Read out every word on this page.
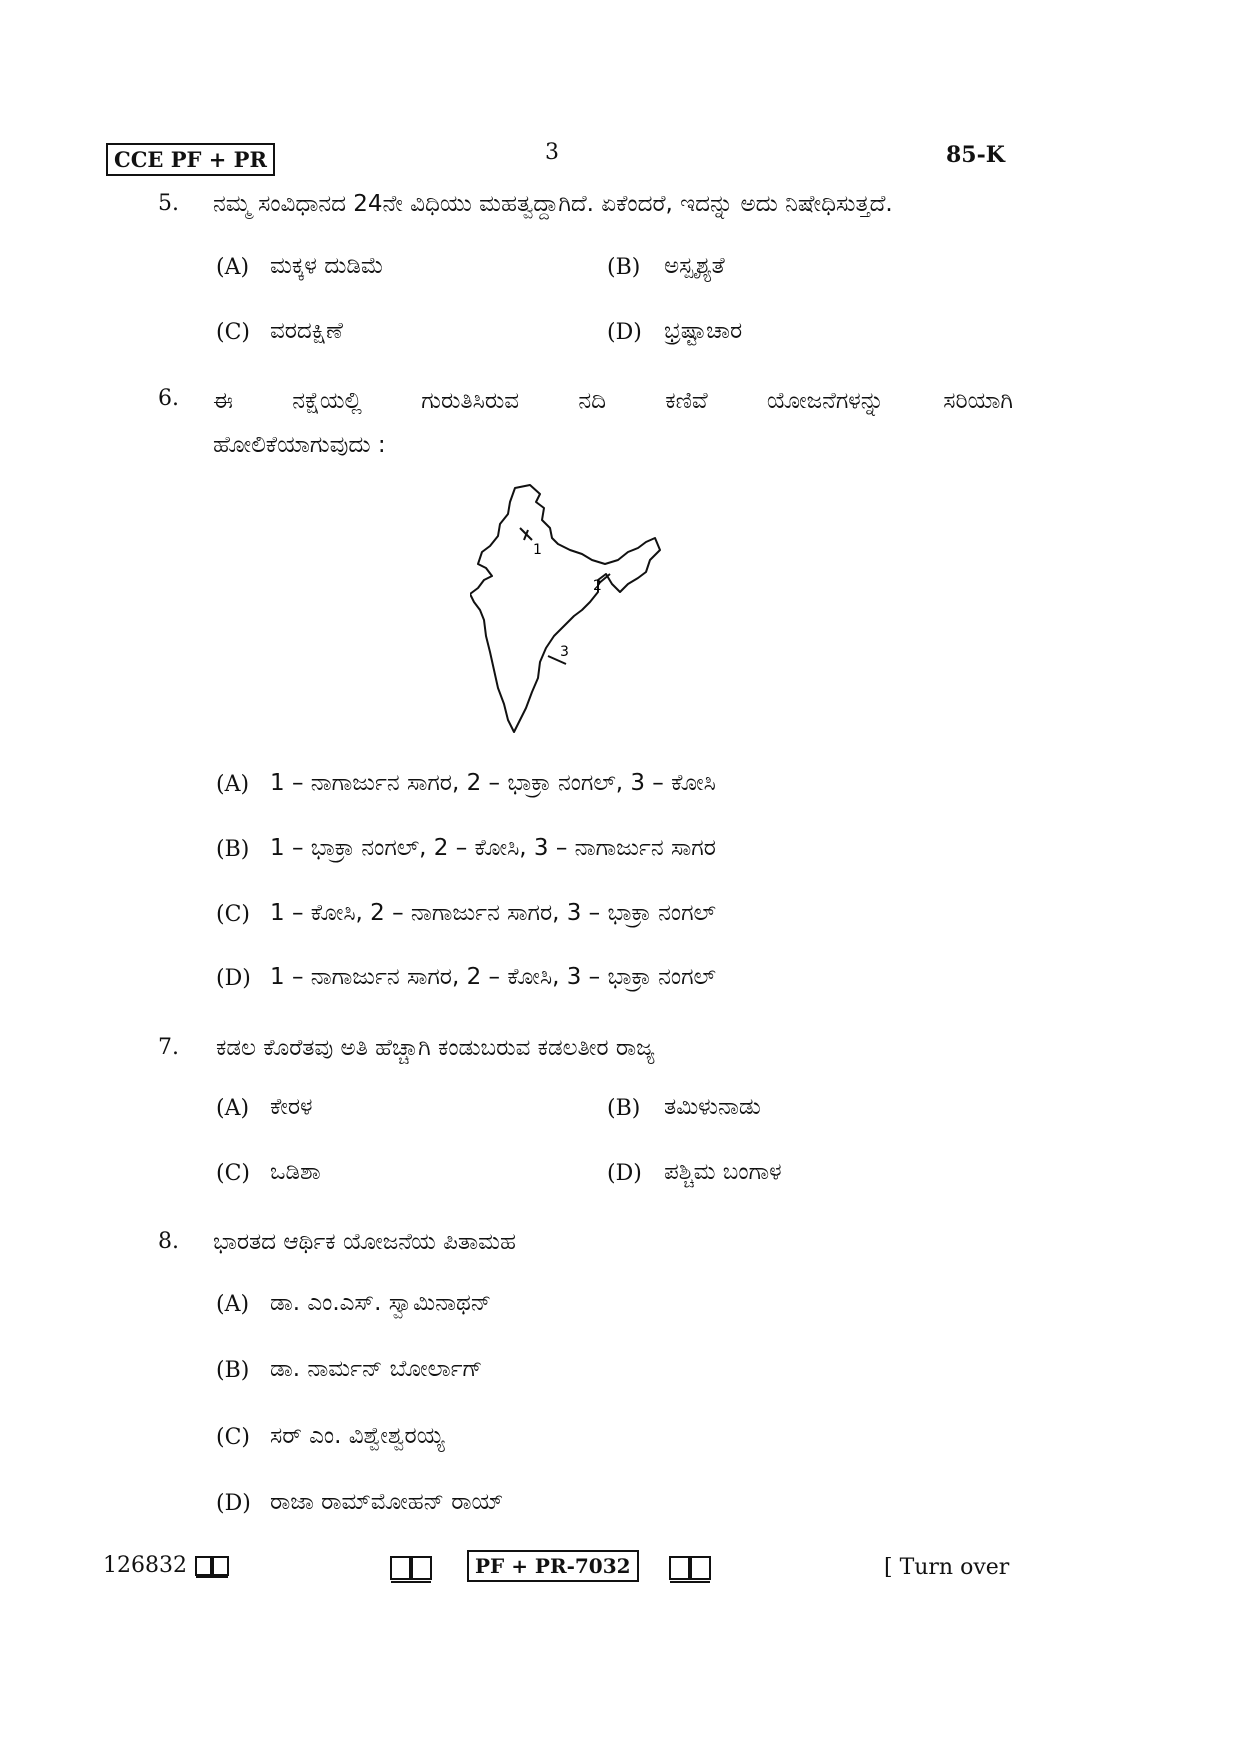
CCE PF + PR	3	85-K
5. ನಮ್ಮ ಸಂವಿಧಾನದ 24ನೇ ವಿಧಿಯು ಮಹತ್ವದ್ದಾಗಿದೆ. ಏಕೆಂದರೆ, ಇದನ್ನು ಅದು ನಿಷೇಧಿಸುತ್ತದೆ.
(A) ಮಕ್ಕಳ ದುಡಿಮೆ	(B) ಅಸ್ಪೃಶ್ಯತೆ
(C) ವರದಕ್ಷಿಣೆ	(D) ಭ್ರಷ್ಟಾಚಾರ
6. ಈ	ನಕ್ಷೆಯಲ್ಲಿ	ಗುರುತಿಸಿರುವ	ನದಿ	ಕಣಿವೆ	ಯೋಜನೆಗಳನ್ನು	ಸರಿಯಾಗಿ
ಹೋಲಿಕೆಯಾಗುವುದು :
1
2
3
(A) 1 – ನಾಗಾರ್ಜುನ ಸಾಗರ, 2 – ಭಾಕ್ರಾ ನಂಗಲ್, 3 – ಕೋಸಿ
(B) 1 – ಭಾಕ್ರಾ ನಂಗಲ್, 2 – ಕೋಸಿ, 3 – ನಾಗಾರ್ಜುನ ಸಾಗರ
(C) 1 – ಕೋಸಿ, 2 – ನಾಗಾರ್ಜುನ ಸಾಗರ, 3 – ಭಾಕ್ರಾ ನಂಗಲ್
(D) 1 – ನಾಗಾರ್ಜುನ ಸಾಗರ, 2 – ಕೋಸಿ, 3 – ಭಾಕ್ರಾ ನಂಗಲ್
7. ಕಡಲ ಕೊರೆತವು ಅತಿ ಹೆಚ್ಚಾಗಿ ಕಂಡುಬರುವ ಕಡಲತೀರ ರಾಜ್ಯ
(A) ಕೇರಳ	(B) ತಮಿಳುನಾಡು
(C) ಒಡಿಶಾ	(D) ಪಶ್ಚಿಮ ಬಂಗಾಳ
8. ಭಾರತದ ಆರ್ಥಿಕ ಯೋಜನೆಯ ಪಿತಾಮಹ
(A) ಡಾ. ಎಂ.ಎಸ್. ಸ್ವಾಮಿನಾಥನ್
(B) ಡಾ. ನಾರ್ಮನ್ ಬೋರ್ಲಾಗ್
(C) ಸರ್ ಎಂ. ವಿಶ್ವೇಶ್ವರಯ್ಯ
(D) ರಾಜಾ ರಾಮ್‌ಮೋಹನ್ ರಾಯ್
126832	PF + PR-7032	[ Turn over
